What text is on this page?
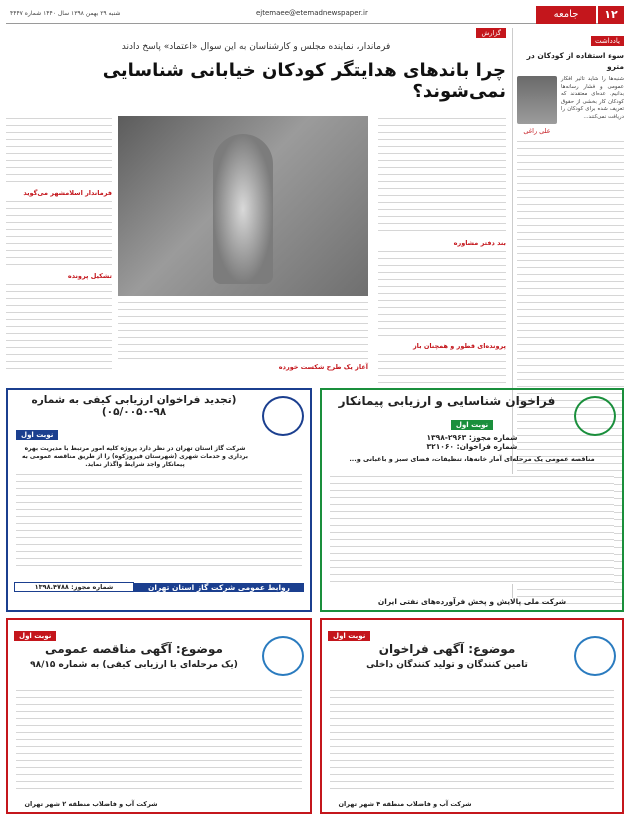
۱۲
جامعه
ejtemaee@etemadnewspaper.ir
شنبه ۲۹ بهمن ۱۳۹۸ سال ۱۴۴۰ شماره ۴۴۴۷
یادداشت
سوء استفاده از کودکان در مترو
شنبه‌ها را شاید تاثیر افکار عمومی و فشار رسانه‌ها بدانیم. عده‌ای معتقدند که کودکان کار بخشی از حقوق تعریف شده برای کودکان را دریافت نمی‌کنند...
علی راغی
گزارش
فرماندار، نماینده مجلس و کارشناسان به این سوال «اعتماد» پاسخ دادند
چرا باندهای هدایتگر کودکان خیابانی شناسایی نمی‌شوند؟
بند دفتر مشاوره
پرونده‌ای قطور و همچنان باز
آغاز یک طرح شکست خورده
فرماندار اسلامشهر می‌گوید
تشکیل پرونده
فراخوان شناسایی و ارزیابی پیمانکار
نوبت اول
شماره مجوز: ۲۹۶۳-۱۳۹۸
شماره فراخوان: ۳۲۱۰۶۰
مناقصه عمومی یک مرحله‌ای آمار خانه‌ها، تنظیفات، فضای سبز و باغبانی و...
شرکت ملی پالایش و پخش فرآورده‌های نفتی ایران
(تجدید فراخوان ارزیابی کیفی به شماره ۹۸-۰۵/۰۰۵۰)
نوبت اول
شرکت گاز استان تهران در نظر دارد پروژه کلیه امور مرتبط با مدیریت بهره برداری و خدمات شهری (شهرستان فیروزکوه) را از طریق مناقصه عمومی به پیمانکار واجد شرایط واگذار نماید.
روابط عمومی شرکت گاز استان تهران
شماره مجوز: ۱۳۹۸.۴۷۸۸
نوبت اول
موضوع: آگهی فراخوان
تامین کنندگان و تولید کنندگان داخلی
شرکت آب و فاضلاب منطقه ۴ شهر تهران
نوبت اول
موضوع: آگهی مناقصه عمومی
(یک مرحله‌ای با ارزیابی کیفی) به شماره ۹۸/۱۵
شرکت آب و فاضلاب منطقه ۲ شهر تهران
